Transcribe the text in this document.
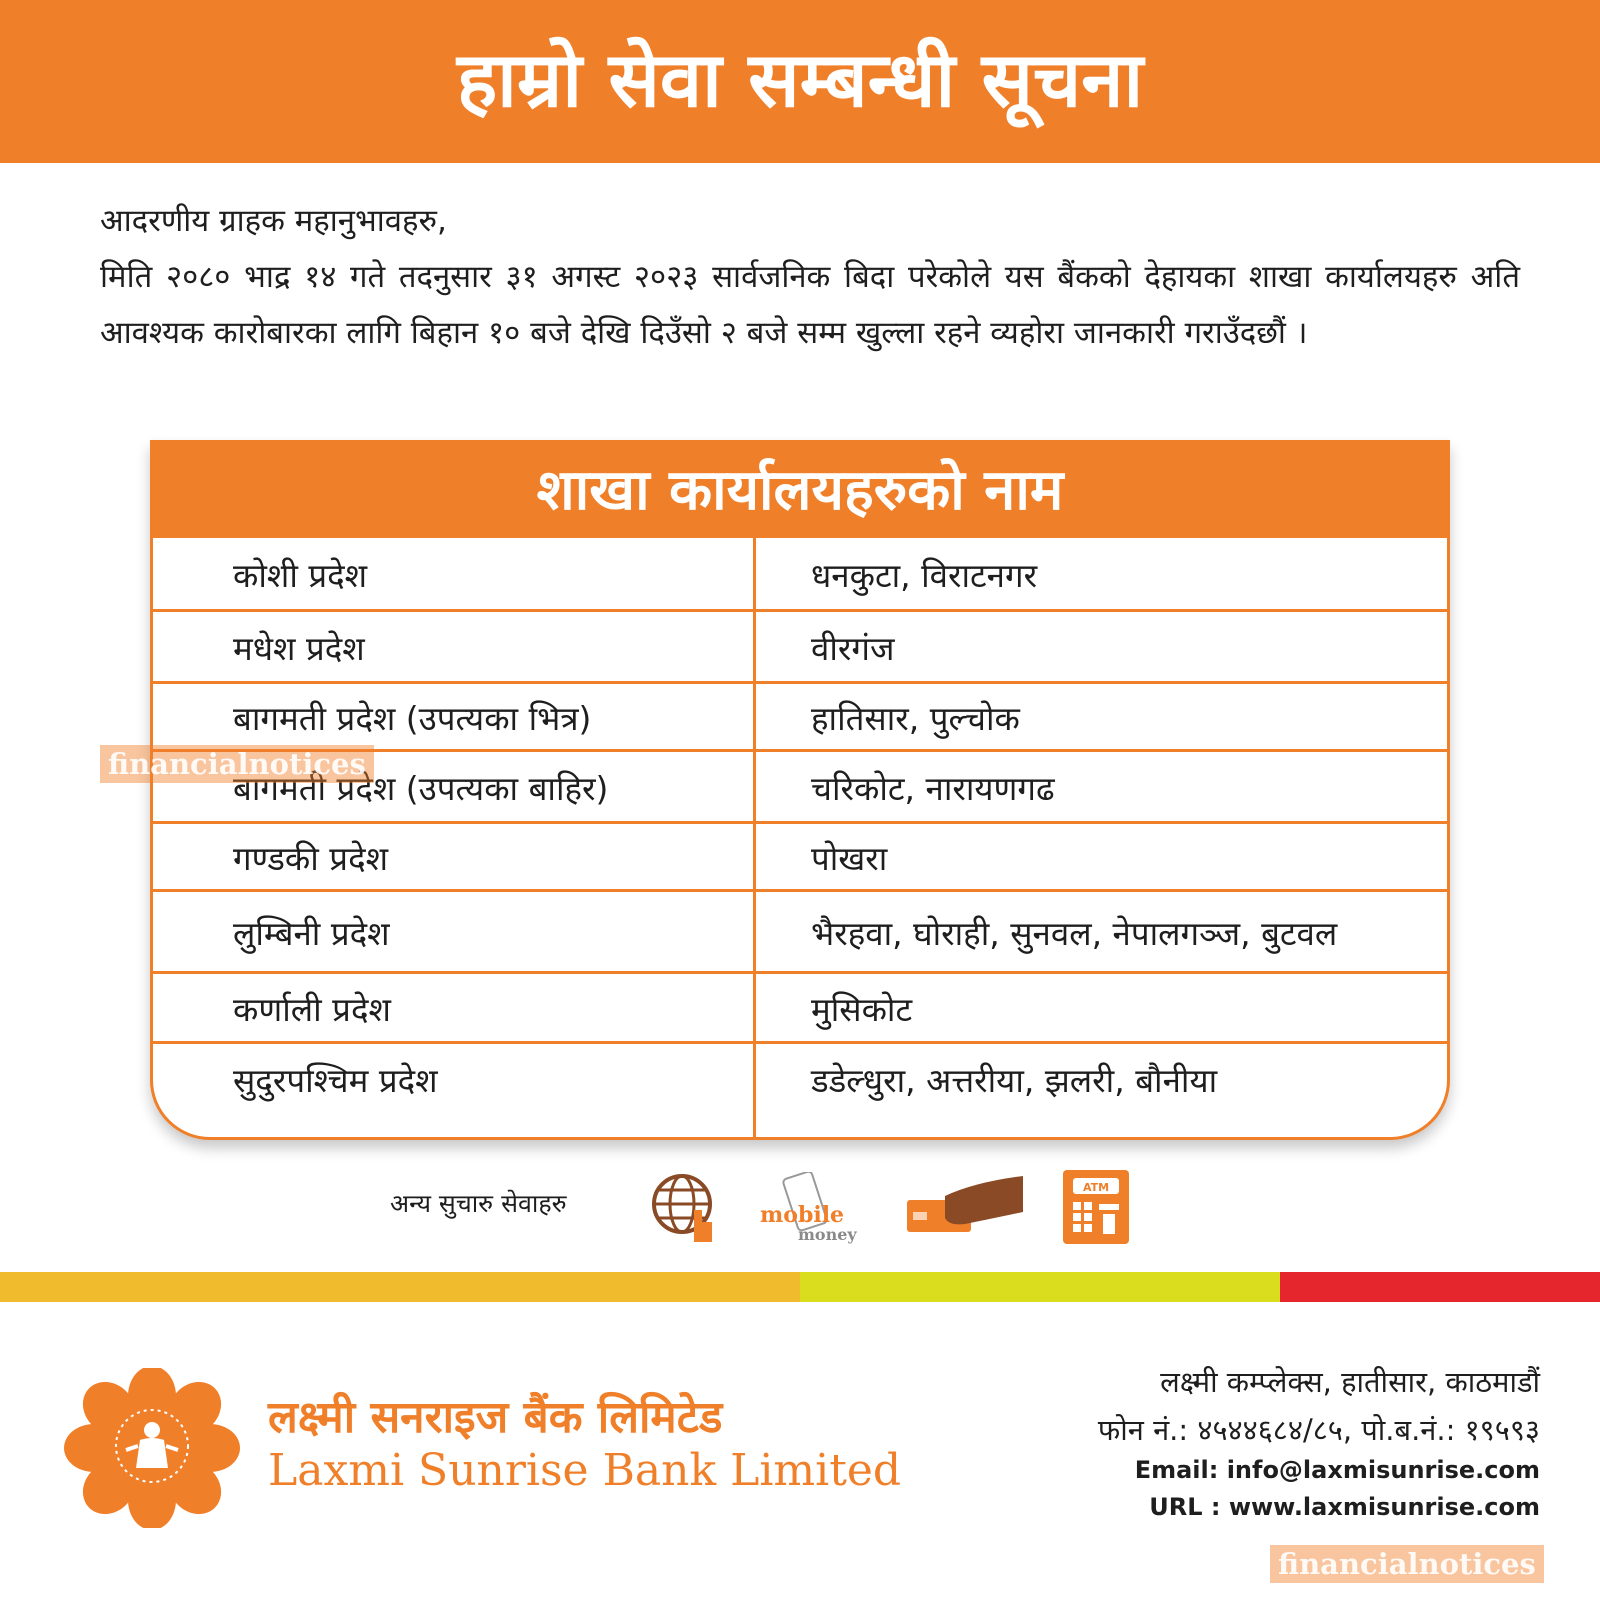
हाम्रो सेवा सम्बन्धी सूचना

आदरणीय ग्राहक महानुभावहरु,

मिति २०८० भाद्र १४ गते तदनुसार ३१ अगस्ट २०२३ सार्वजनिक बिदा परेकोले यस बैंकको देहायका शाखा कार्यालयहरु अति आवश्यक कारोबारका लागि बिहान १० बजे देखि दिउँसो २ बजे सम्म खुल्ला रहने व्यहोरा जानकारी गराउँदछौं ।

शाखा कार्यालयहरुको नाम
कोशी प्रदेश	धनकुटा, विराटनगर
मधेश प्रदेश	वीरगंज
बागमती प्रदेश (उपत्यका भित्र)	हातिसार, पुल्चोक
बागमती प्रदेश (उपत्यका बाहिर)	चरिकोट, नारायणगढ
गण्डकी प्रदेश	पोखरा
लुम्बिनी प्रदेश	भैरहवा, घोराही, सुनवल, नेपालगञ्ज, बुटवल
कर्णाली प्रदेश	मुसिकोट
सुदुरपश्चिम प्रदेश	डडेल्धुरा, अत्तरीया, झलरी, बौनीया
अन्य सुचारु सेवाहरु	mobile
money
ATM
लक्ष्मी सनराइज बैंक लिमिटेड
Laxmi Sunrise Bank Limited
लक्ष्मी कम्प्लेक्स, हातीसार, काठमाडौं
फोन नं.: ४५४४६८४/८५, पो.ब.नं.: १९५९३
Email: info@laxmisunrise.com
URL : www.laxmisunrise.com
financialnotices
financialnotices
